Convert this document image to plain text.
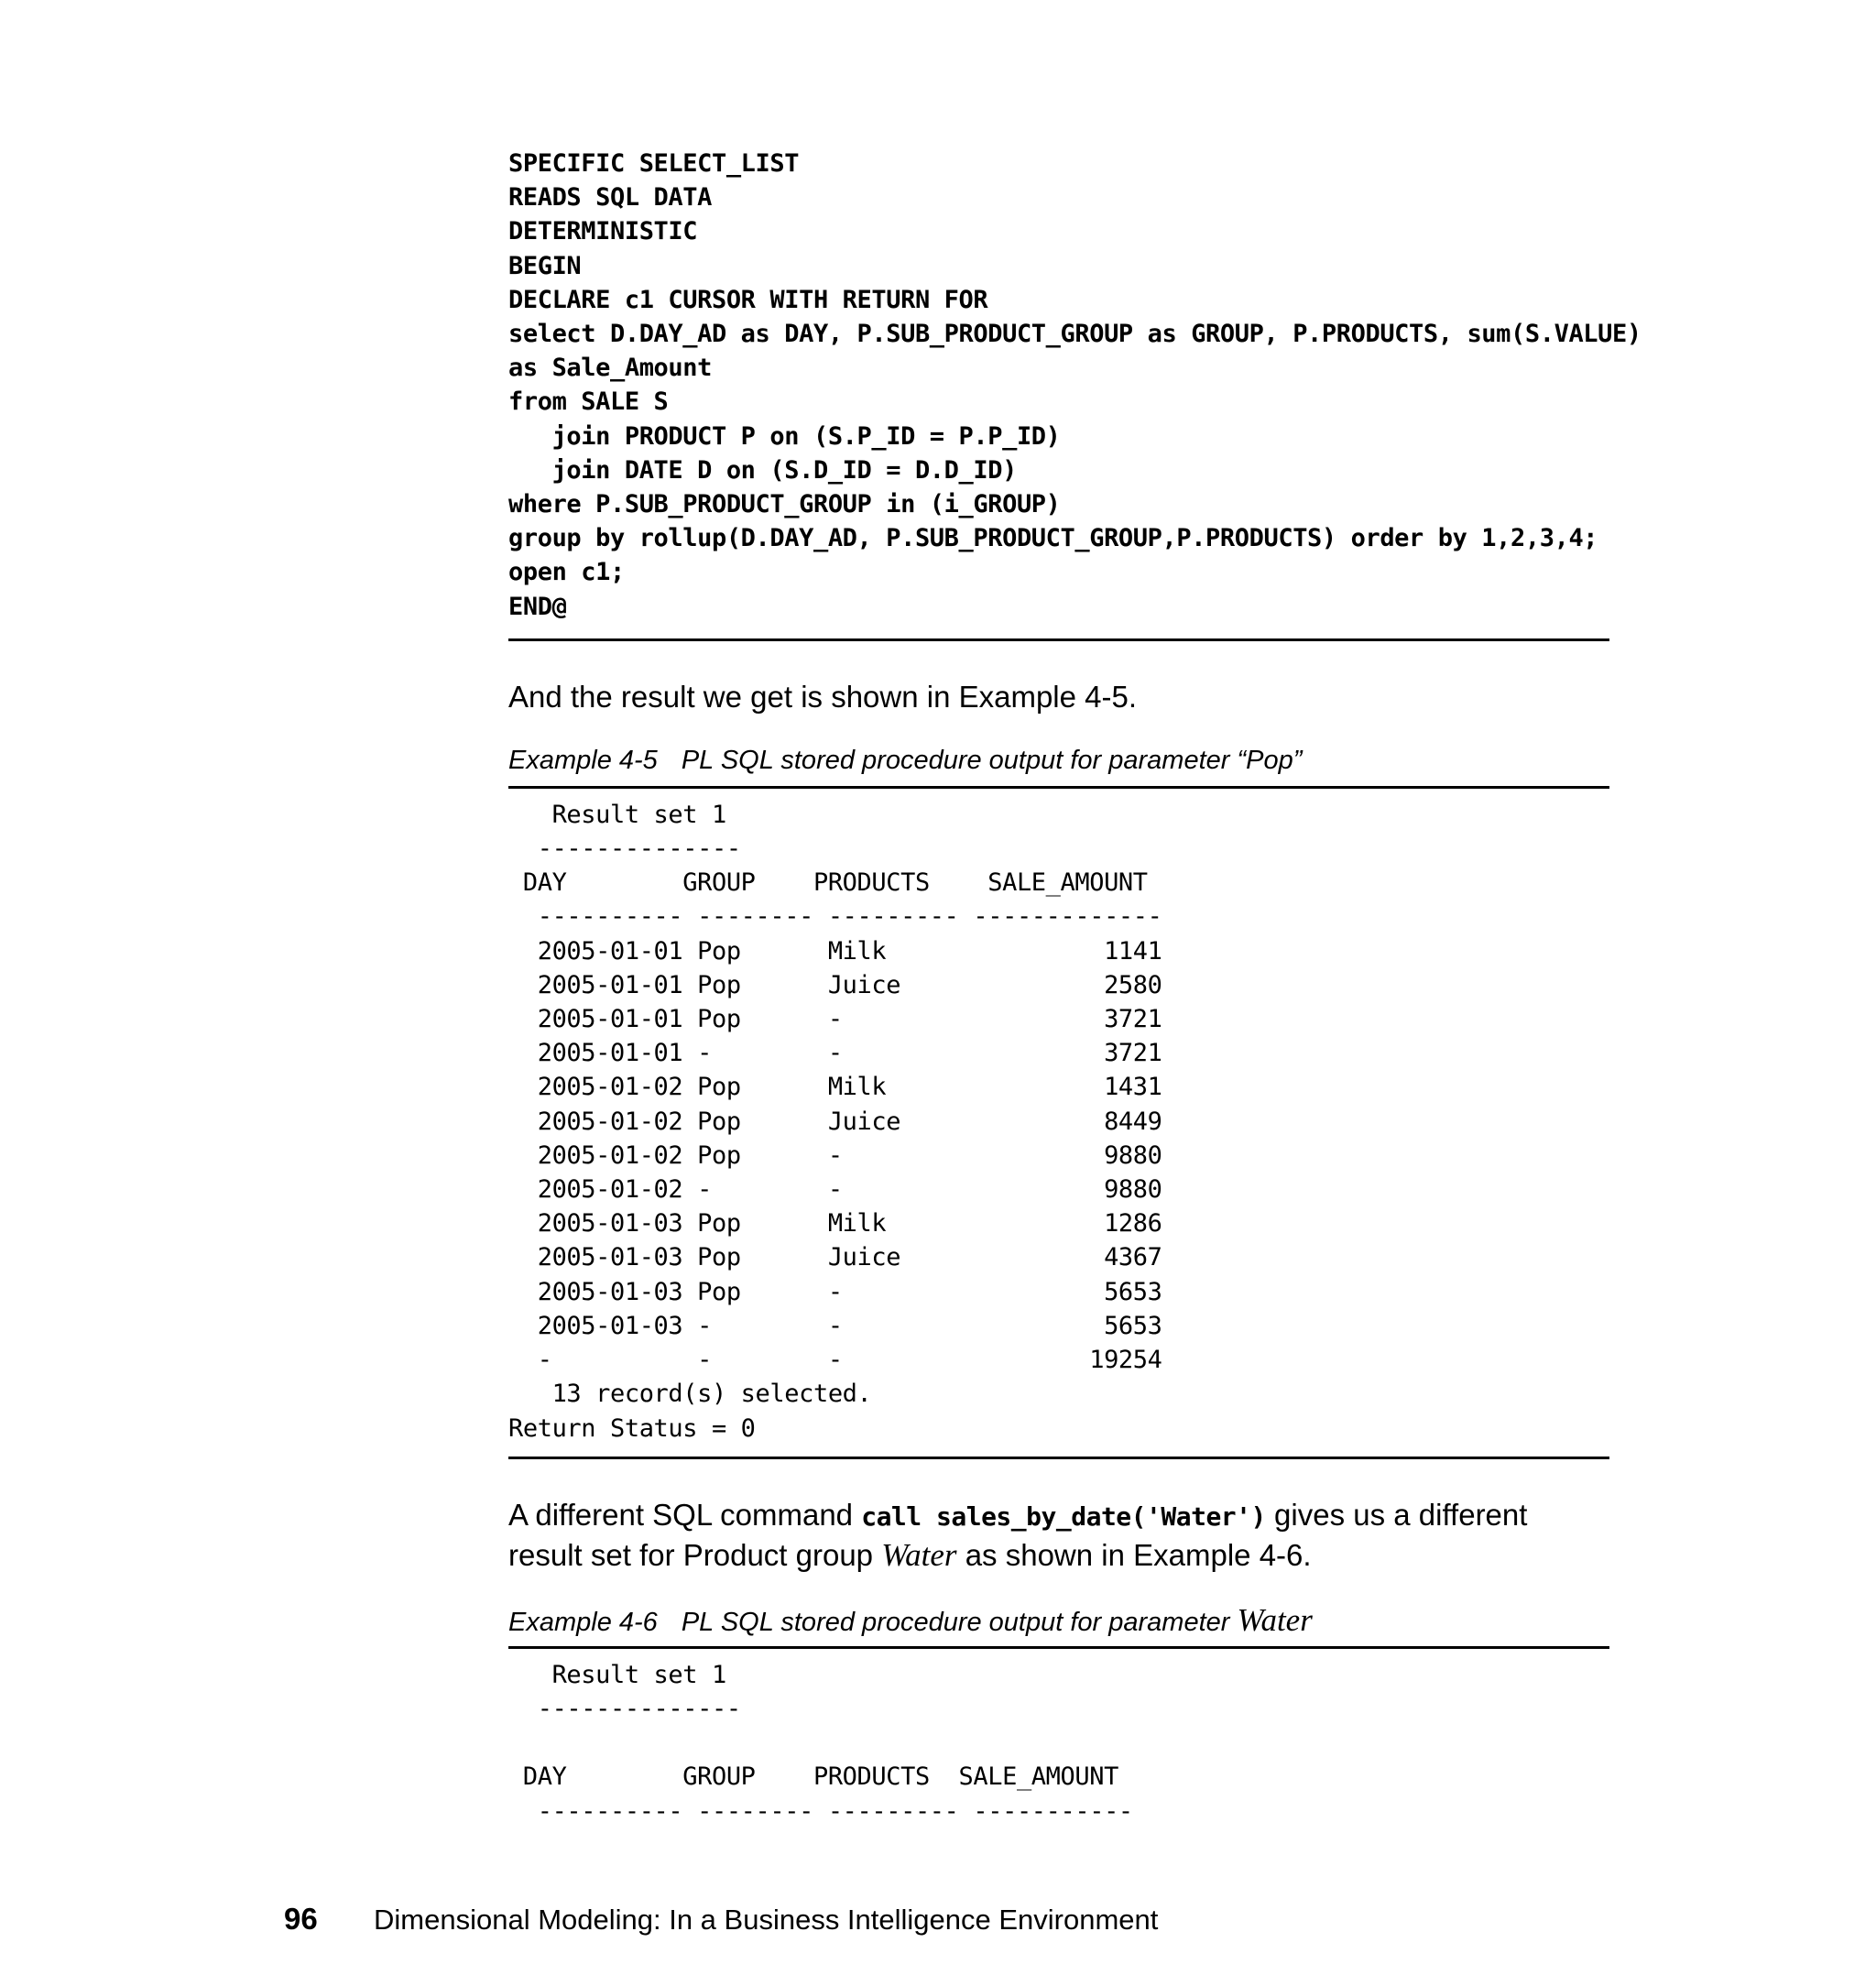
SPECIFIC SELECT_LIST
READS SQL DATA
DETERMINISTIC
BEGIN
DECLARE c1 CURSOR WITH RETURN FOR
select D.DAY_AD as DAY, P.SUB_PRODUCT_GROUP as GROUP, P.PRODUCTS, sum(S.VALUE)
as Sale_Amount
from SALE S
join PRODUCT P on (S.P_ID = P.P_ID)
join DATE D on (S.D_ID = D.D_ID)
where P.SUB_PRODUCT_GROUP in (i_GROUP)
group by rollup(D.DAY_AD, P.SUB_PRODUCT_GROUP,P.PRODUCTS) order by 1,2,3,4;
open c1;
END@

And the result we get is shown in Example 4-5.

Example 4-5 PL SQL stored procedure output for parameter “Pop”

Result set 1
--------------
DAY        GROUP    PRODUCTS    SALE_AMOUNT
---------- -------- --------- -------------
2005-01-01 Pop      Milk               1141
2005-01-01 Pop      Juice              2580
2005-01-01 Pop      -                  3721
2005-01-01 -        -                  3721
2005-01-02 Pop      Milk               1431
2005-01-02 Pop      Juice              8449
2005-01-02 Pop      -                  9880
2005-01-02 -        -                  9880
2005-01-03 Pop      Milk               1286
2005-01-03 Pop      Juice              4367
2005-01-03 Pop      -                  5653
2005-01-03 -        -                  5653
-          -        -                 19254
13 record(s) selected.
Return Status = 0

A different SQL command call sales_by_date('Water') gives us a different result set for Product group Water as shown in Example 4-6.

Example 4-6 PL SQL stored procedure output for parameter Water

Result set 1
--------------

DAY        GROUP    PRODUCTS  SALE_AMOUNT
---------- -------- --------- -----------
96 Dimensional Modeling: In a Business Intelligence Environment
